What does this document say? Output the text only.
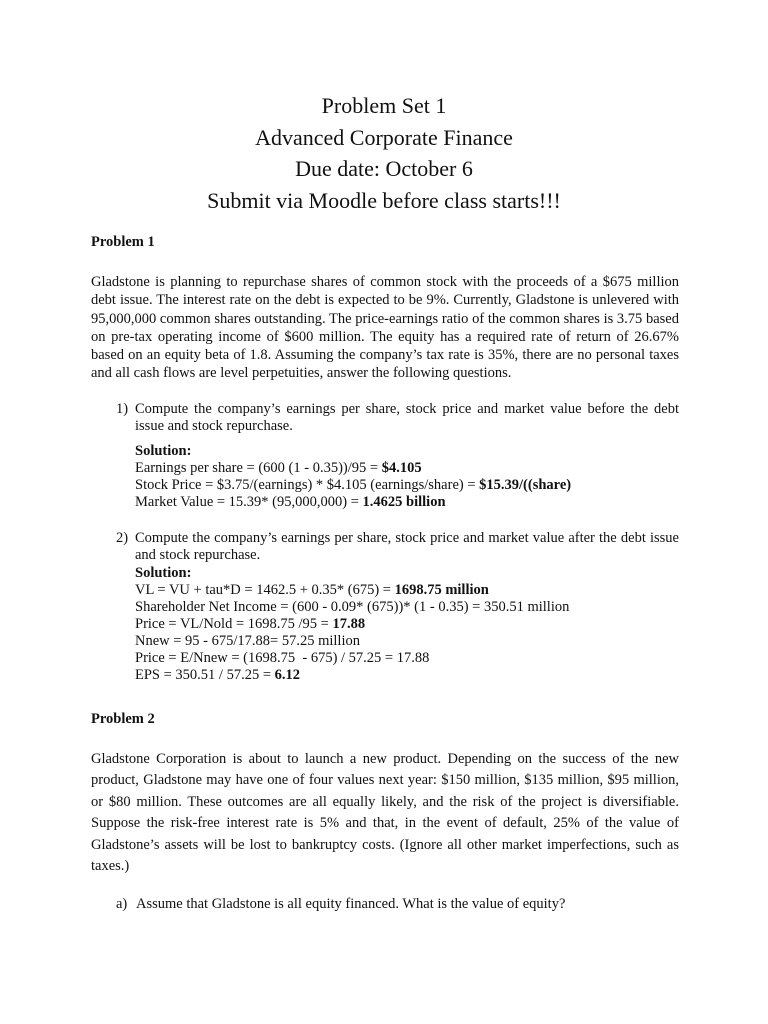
Problem Set 1
Advanced Corporate Finance
Due date: October 6
Submit via Moodle before class starts!!!
Problem 1
Gladstone is planning to repurchase shares of common stock with the proceeds of a $675 million debt issue. The interest rate on the debt is expected to be 9%. Currently, Gladstone is unlevered with 95,000,000 common shares outstanding. The price-earnings ratio of the common shares is 3.75 based on pre-tax operating income of $600 million. The equity has a required rate of return of 26.67% based on an equity beta of 1.8. Assuming the company’s tax rate is 35%, there are no personal taxes and all cash flows are level perpetuities, answer the following questions.
1) Compute the company’s earnings per share, stock price and market value before the debt issue and stock repurchase.
Solution:
Earnings per share = (600 (1 - 0.35))/95 = $4.105
Stock Price = $3.75/(earnings) * $4.105 (earnings/share) = $15.39/((share)
Market Value = 15.39* (95,000,000) = 1.4625 billion
2) Compute the company’s earnings per share, stock price and market value after the debt issue and stock repurchase.
Solution:
VL = VU + tau*D = 1462.5 + 0.35* (675) = 1698.75 million
Shareholder Net Income = (600 - 0.09* (675))* (1 - 0.35) = 350.51 million
Price = VL/Nold = 1698.75 /95 = 17.88
Nnew = 95 - 675/17.88= 57.25 million
Price = E/Nnew = (1698.75  - 675) / 57.25 = 17.88
EPS = 350.51 / 57.25 = 6.12
Problem 2
Gladstone Corporation is about to launch a new product. Depending on the success of the new product, Gladstone may have one of four values next year: $150 million, $135 million, $95 million, or $80 million. These outcomes are all equally likely, and the risk of the project is diversifiable. Suppose the risk-free interest rate is 5% and that, in the event of default, 25% of the value of Gladstone’s assets will be lost to bankruptcy costs. (Ignore all other market imperfections, such as taxes.)
a) Assume that Gladstone is all equity financed. What is the value of equity?
